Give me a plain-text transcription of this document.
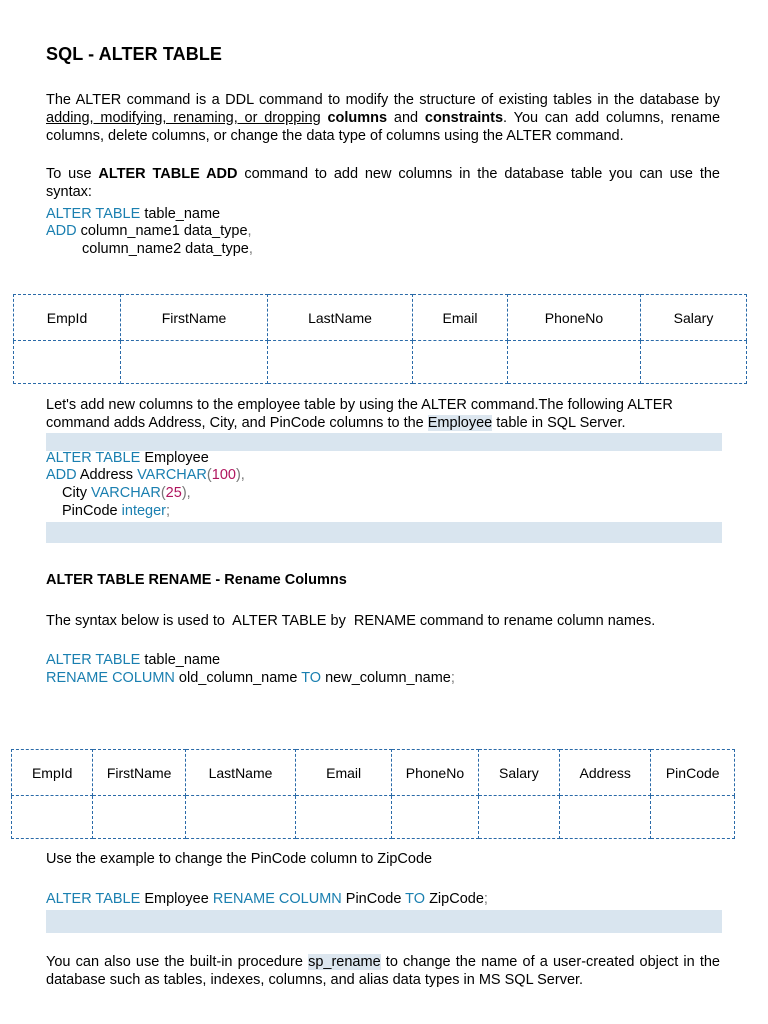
SQL - ALTER TABLE

The ALTER command is a DDL command to modify the structure of existing tables in the database by adding, modifying, renaming, or dropping columns and constraints. You can add columns, rename columns, delete columns, or change the data type of columns using the ALTER command.

To use ALTER TABLE ADD command to add new columns in the database table you can use the syntax:

ALTER TABLE table_name
ADD column_name1 data_type,
column_name2 data_type,
EmpId	FirstName	LastName	Email	PhoneNo	Salary

Let's add new columns to the employee table by using the ALTER command.The following ALTER
command adds Address, City, and PinCode columns to the Employee table in SQL Server.
ALTER TABLE Employee
ADD Address VARCHAR(100),
City VARCHAR(25),
PinCode integer;
ALTER TABLE RENAME - Rename Columns
The syntax below is used to  ALTER TABLE by  RENAME command to rename column names.
ALTER TABLE table_name
RENAME COLUMN old_column_name TO new_column_name;
EmpId	FirstName	LastName	Email	PhoneNo	Salary	Address	PinCode

Use the example to change the PinCode column to ZipCode
ALTER TABLE Employee RENAME COLUMN PinCode TO ZipCode;

You can also use the built-in procedure sp_rename to change the name of a user-created object in the database such as tables, indexes, columns, and alias data types in MS SQL Server.
